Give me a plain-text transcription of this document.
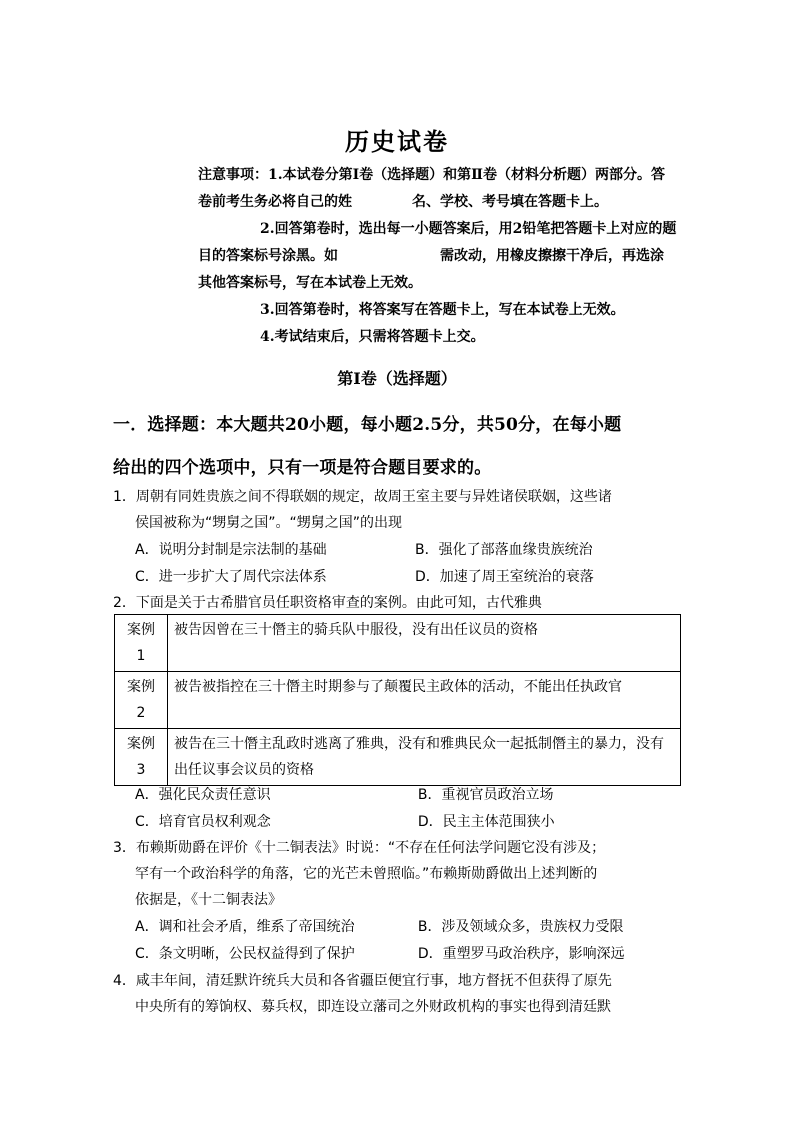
历史试卷

注意事项：1.本试卷分第Ⅰ卷（选择题）和第Ⅱ卷（材料分析题）两部分。答

卷前考生务必将自己的姓	名、学校、考号填在答题卡上。

2.回答第卷时，选出每一小题答案后，用2铅笔把答题卡上对应的题

目的答案标号涂黑。如	需改动，用橡皮擦擦干净后，再选涂

其他答案标号，写在本试卷上无效。

3.回答第卷时，将答案写在答题卡上，写在本试卷上无效。

4.考试结束后，只需将答题卡上交。

第Ⅰ卷（选择题）

一．选择题：本大题共20小题，每小题2.5分，共50分，在每小题

给出的四个选项中，只有一项是符合题目要求的。

1．周朝有同姓贵族之间不得联姻的规定，故周王室主要与异姓诸侯联姻，这些诸

侯国被称为“甥舅之国”。“甥舅之国”的出现

A．说明分封制是宗法制的基础	B．强化了部落血缘贵族统治
C．进一步扩大了周代宗法体系	D．加速了周王室统治的衰落

2．下面是关于古希腊官员任职资格审查的案例。由此可知，古代雅典

案例
1	被告因曾在三十僭主的骑兵队中服役，没有出任议员的资格
案例
2	被告被指控在三十僭主时期参与了颠覆民主政体的活动，不能出任执政官
案例
3	被告在三十僭主乱政时逃离了雅典，没有和雅典民众一起抵制僭主的暴力，没有出任议事会议员的资格
A．强化民众责任意识	B．重视官员政治立场
C．培育官员权利观念	D．民主主体范围狭小

3．布赖斯勋爵在评价《十二铜表法》时说：“不存在任何法学问题它没有涉及；

罕有一个政治科学的角落，它的光芒未曾照临。”布赖斯勋爵做出上述判断的

依据是，《十二铜表法》

A．调和社会矛盾，维系了帝国统治	B．涉及领域众多，贵族权力受限
C．条文明晰，公民权益得到了保护	D．重塑罗马政治秩序，影响深远

4．咸丰年间，清廷默许统兵大员和各省疆臣便宜行事，地方督抚不但获得了原先

中央所有的筹饷权、募兵权，即连设立藩司之外财政机构的事实也得到清廷默
